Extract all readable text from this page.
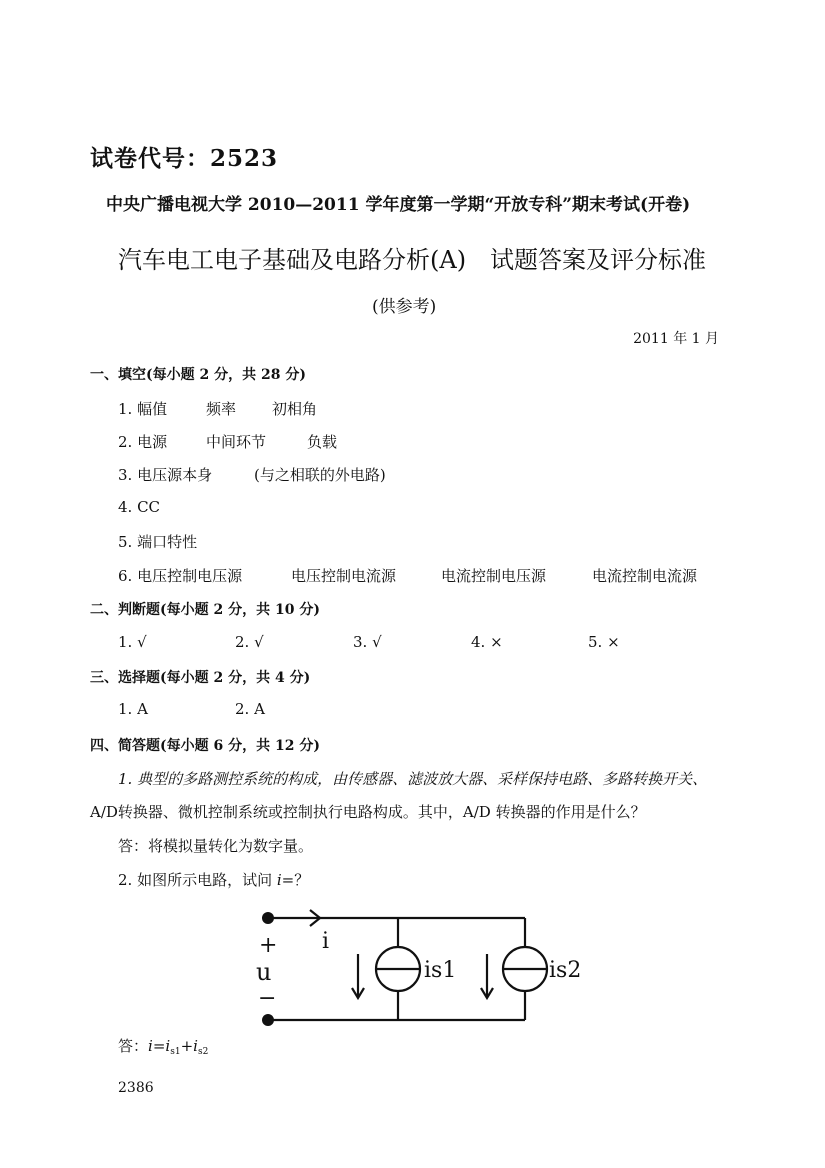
试卷代号：2523
中央广播电视大学 2010—2011 学年度第一学期“开放专科”期末考试(开卷)
汽车电工电子基础及电路分析(A)　试题答案及评分标准
(供参考)
2011 年 1 月
一、填空(每小题 2 分，共 28 分)
1. 幅值	频率 初相角
2. 电源	中间环节	负载
3. 电压源本身	(与之相联的外电路)
4. CC
5. 端口特性
6. 电压控制电压源	电压控制电流源	电流控制电压源	电流控制电流源
二、判断题(每小题 2 分，共 10 分)
1. √	2. √	3. √	4. ×	5. ×
三、选择题(每小题 2 分，共 4 分)
1. A	2. A
四、简答题(每小题 6 分，共 12 分)
1. 典型的多路测控系统的构成，由传感器、滤波放大器、采样保持电路、多路转换开关、
A/D转换器、微机控制系统或控制执行电路构成。其中，A/D 转换器的作用是什么？
答：将模拟量转化为数字量。
2. 如图所示电路，试问 i=？
i
+
u
−
is1	is2
答：$i=i_{s1}+i_{s2}$
2386
